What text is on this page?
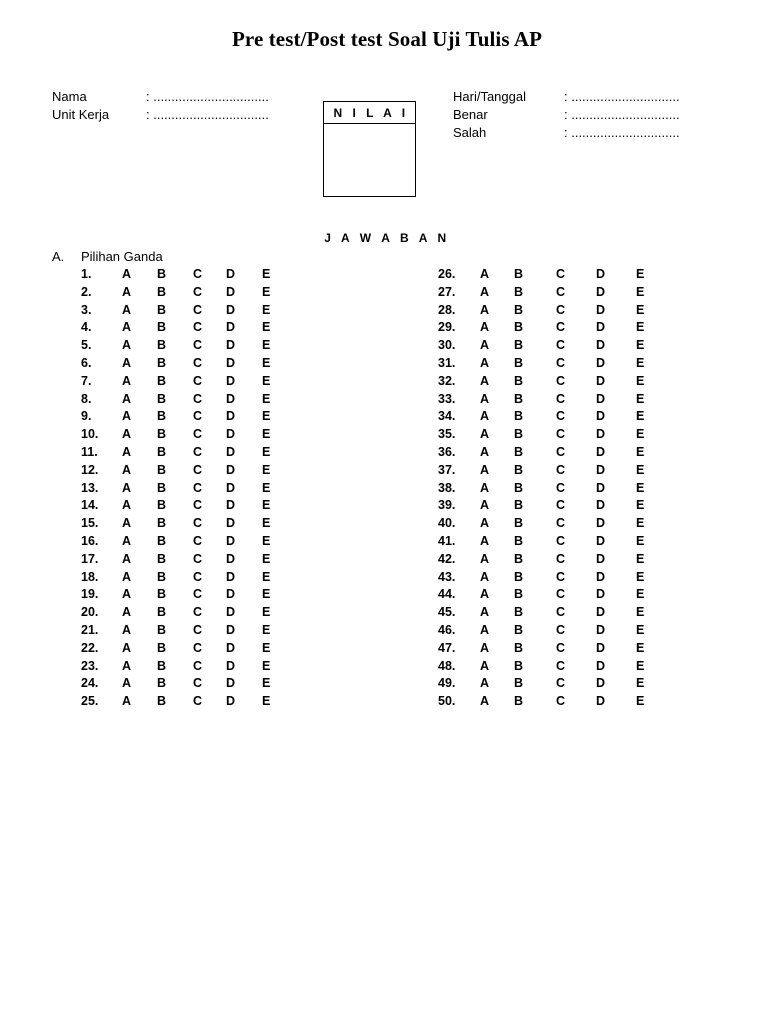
Pre test/Post test Soal Uji Tulis AP
Nama	: ................................
Unit Kerja	: ................................	N I L A I
Hari/Tanggal	: ..............................
Benar	: ..............................
Salah	: ..............................
J A W A B A N
A. Pilihan Ganda
1. A B C D E
2. A B C D E
3. A B C D E
4. A B C D E
5. A B C D E
6. A B C D E
7. A B C D E
8. A B C D E
9. A B C D E
10. A B C D E
11. A B C D E
12. A B C D E
13. A B C D E
14. A B C D E
15. A B C D E
16. A B C D E
17. A B C D E
18. A B C D E
19. A B C D E
20. A B C D E
21. A B C D E
22. A B C D E
23. A B C D E
24. A B C D E
25. A B C D E
26. A B	C D E
27. A B	C D E
28. A B	C D E
29. A B	C D E
30. A B	C D E
31. A B	C D E
32. A B	C D E
33. A B	C D E
34. A B	C D E
35. A B	C D E
36. A B	C D E
37. A B	C D E
38. A B	C D E
39. A B	C D E
40. A B	C D E
41. A B	C D E
42. A B	C D E
43. A B	C D E
44. A B	C D E
45. A B	C D E
46. A B	C D E
47. A B	C D E
48. A B	C D E
49. A B	C D E
50. A B	C D E
